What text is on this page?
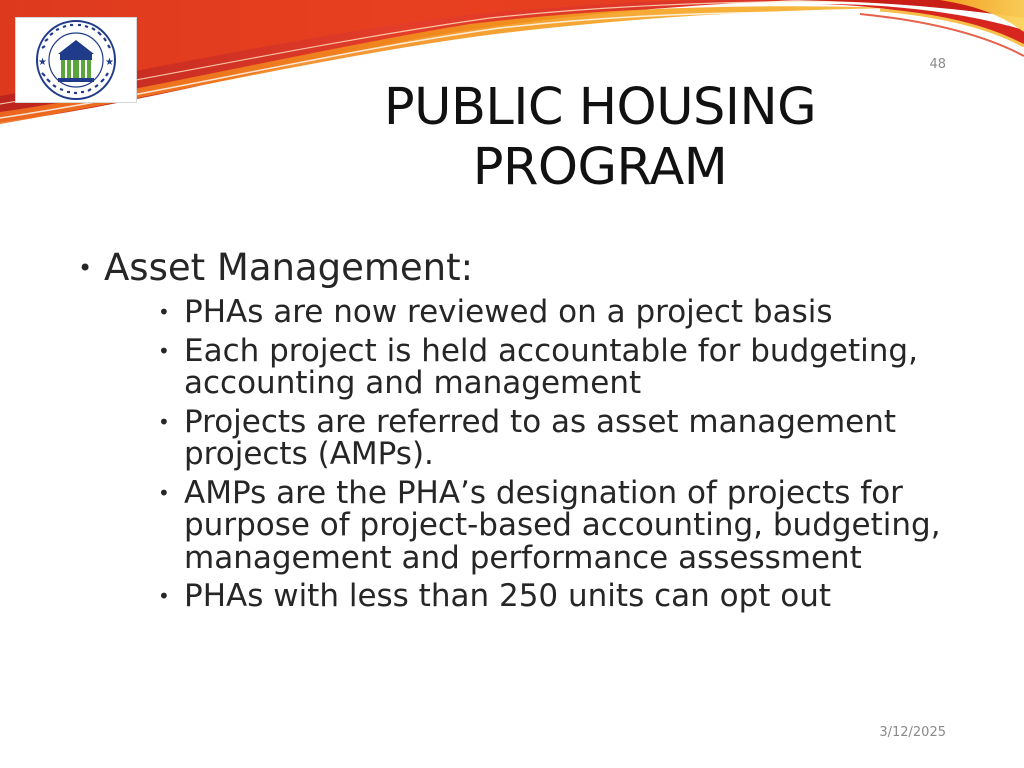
★	★	48
PUBLIC HOUSING
PROGRAM
• Asset Management:
• PHAs are now reviewed on a project basis
• Each project is held accountable for budgeting, accounting and management
• Projects are referred to as asset management projects (AMPs).
• AMPs are the PHA’s designation of projects for purpose of project-based accounting, budgeting, management and performance assessment
• PHAs with less than 250 units can opt out
3/12/2025
